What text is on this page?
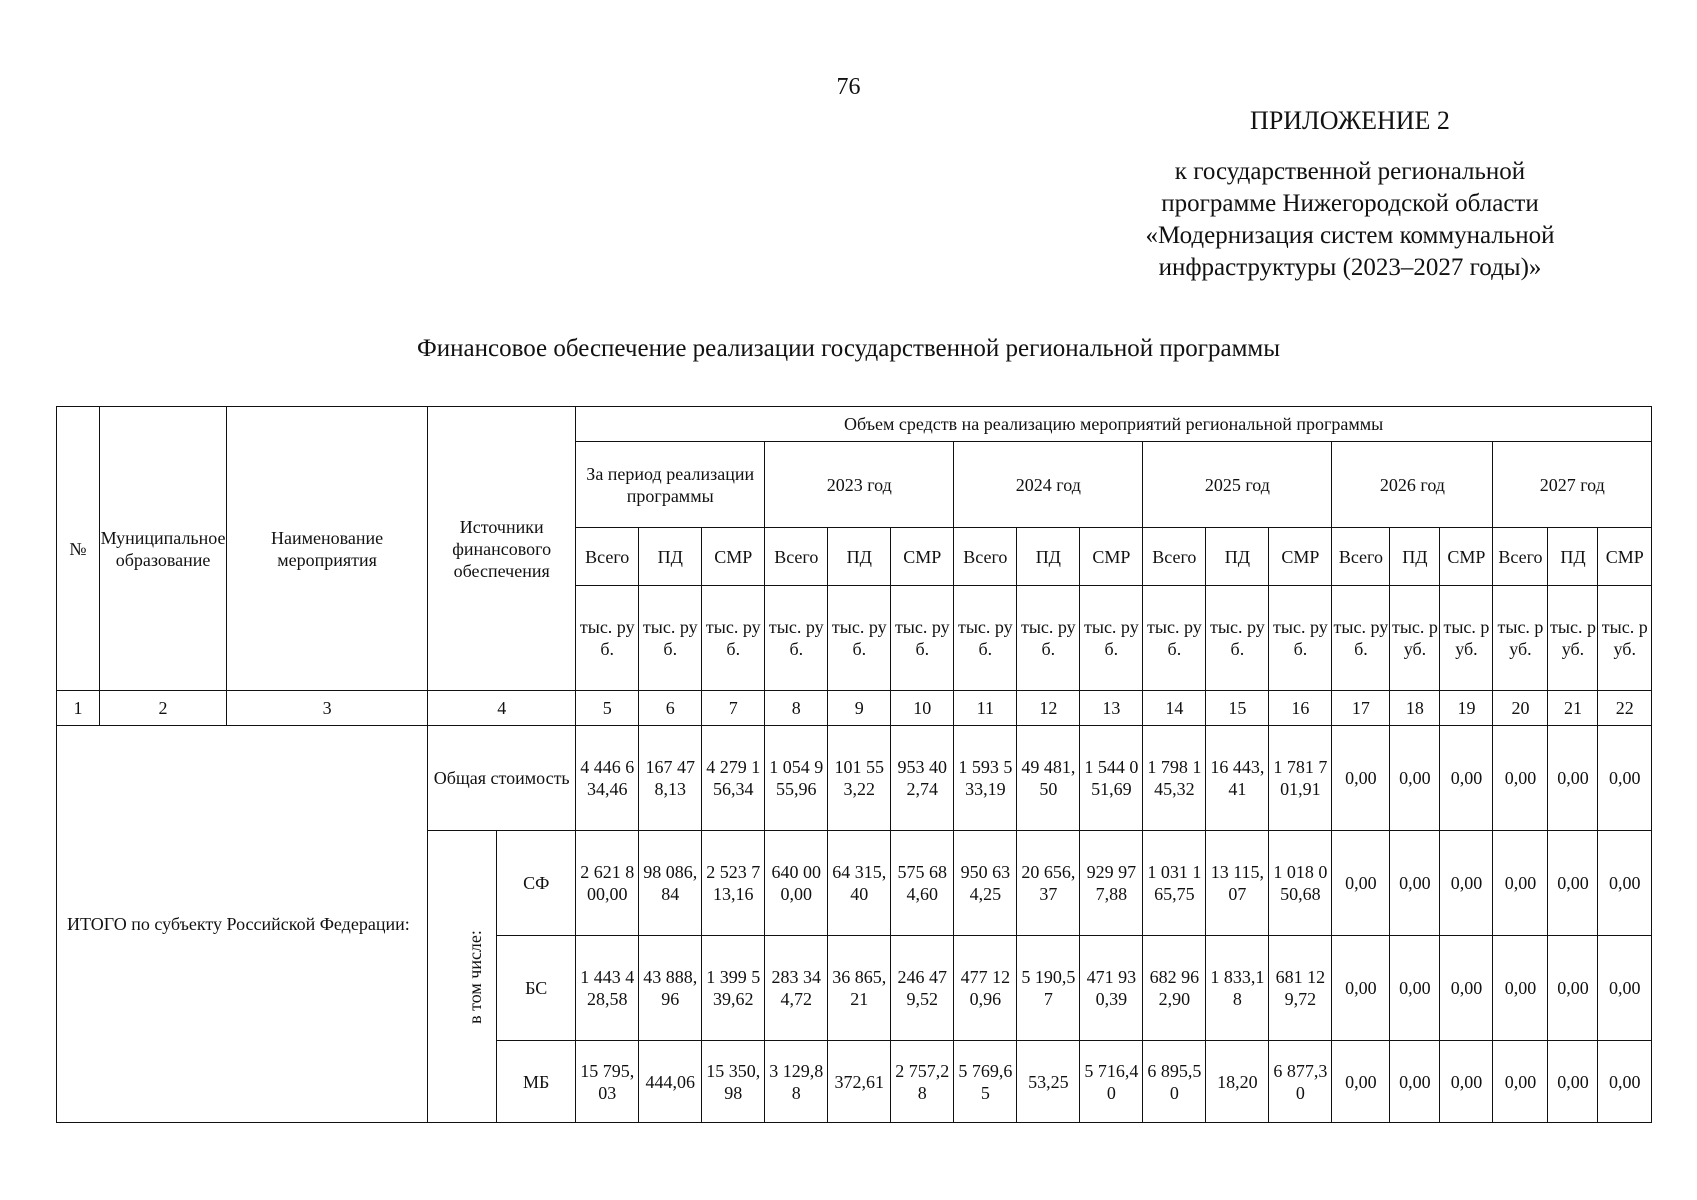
76
ПРИЛОЖЕНИЕ 2
к государственной региональной
программе Нижегородской области
«Модернизация систем коммунальной
инфраструктуры (2023–2027 годы)»
Финансовое обеспечение реализации государственной региональной программы
№	Муниципальное образование	Наименование мероприятия	Источники финансового обеспечения		Объем средств на реализацию мероприятий региональной программы																	
					За период реализации программы			2023 год			2024 год			2025 год			2026 год			2027 год		
					Всего	ПД	СМР	Всего	ПД	СМР	Всего	ПД	СМР	Всего	ПД	СМР	Всего	ПД	СМР	Всего	ПД	СМР
					тыс. руб.	тыс. руб.	тыс. руб.	тыс. руб.	тыс. руб.	тыс. руб.	тыс. руб.	тыс. руб.	тыс. руб.	тыс. руб.	тыс. руб.	тыс. руб.	тыс. руб.	тыс. руб.	тыс. руб.	тыс. руб.	тыс. руб.	тыс. руб.
1	2	3	4		5	6	7	8	9	10	11	12	13	14	15	16	17	18	19	20	21	22
ИТОГО по субъекту Российской Федерации:			Общая стоимость		4 446 634,46	167 478,13	4 279 156,34	1 054 955,96	101 553,22	953 402,74	1 593 533,19	49 481,50	1 544 051,69	1 798 145,32	16 443,41	1 781 701,91	0,00	0,00	0,00	0,00	0,00	0,00
			в том числе:	СФ	2 621 800,00	98 086,84	2 523 713,16	640 000,00	64 315,40	575 684,60	950 634,25	20 656,37	929 977,88	1 031 165,75	13 115,07	1 018 050,68	0,00	0,00	0,00	0,00	0,00	0,00
				БС	1 443 428,58	43 888,96	1 399 539,62	283 344,72	36 865,21	246 479,52	477 120,96	5 190,57	471 930,39	682 962,90	1 833,18	681 129,72	0,00	0,00	0,00	0,00	0,00	0,00
				МБ	15 795,03	444,06	15 350,98	3 129,88	372,61	2 757,28	5 769,65	53,25	5 716,40	6 895,50	18,20	6 877,30	0,00	0,00	0,00	0,00	0,00	0,00
